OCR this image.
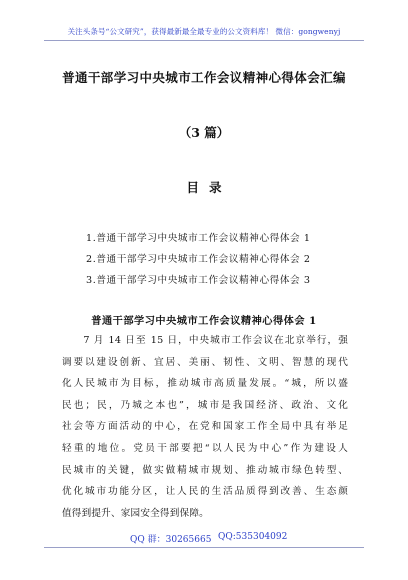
关注头条号“公文研究”，获得最新最全最专业的公文资料库！ 微信：gongwenyj
普通干部学习中央城市工作会议精神心得体会汇编
（3 篇）
目录
1.普通干部学习中央城市工作会议精神心得体会 1
2.普通干部学习中央城市工作会议精神心得体会 2
3.普通干部学习中央城市工作会议精神心得体会 3
普通干部学习中央城市工作会议精神心得体会 1
　　7 月 14 日至 15 日，中央城市工作会议在北京举行，强
调要以建设创新、宜居、美丽、韧性、文明、智慧的现代
化人民城市为目标，推动城市高质量发展。“城，所以盛
民也；民，乃城之本也”，城市是我国经济、政治、文化
社会等方面活动的中心，在党和国家工作全局中具有举足
轻重的地位。党员干部要把“以人民为中心”作为建设人
民城市的关键，做实做精城市规划、推动城市绿色转型、
优化城市功能分区，让人民的生活品质得到改善、生态颜
值得到提升、家园安全得到保障。
QQ 群：30265665 QQ:535304092
